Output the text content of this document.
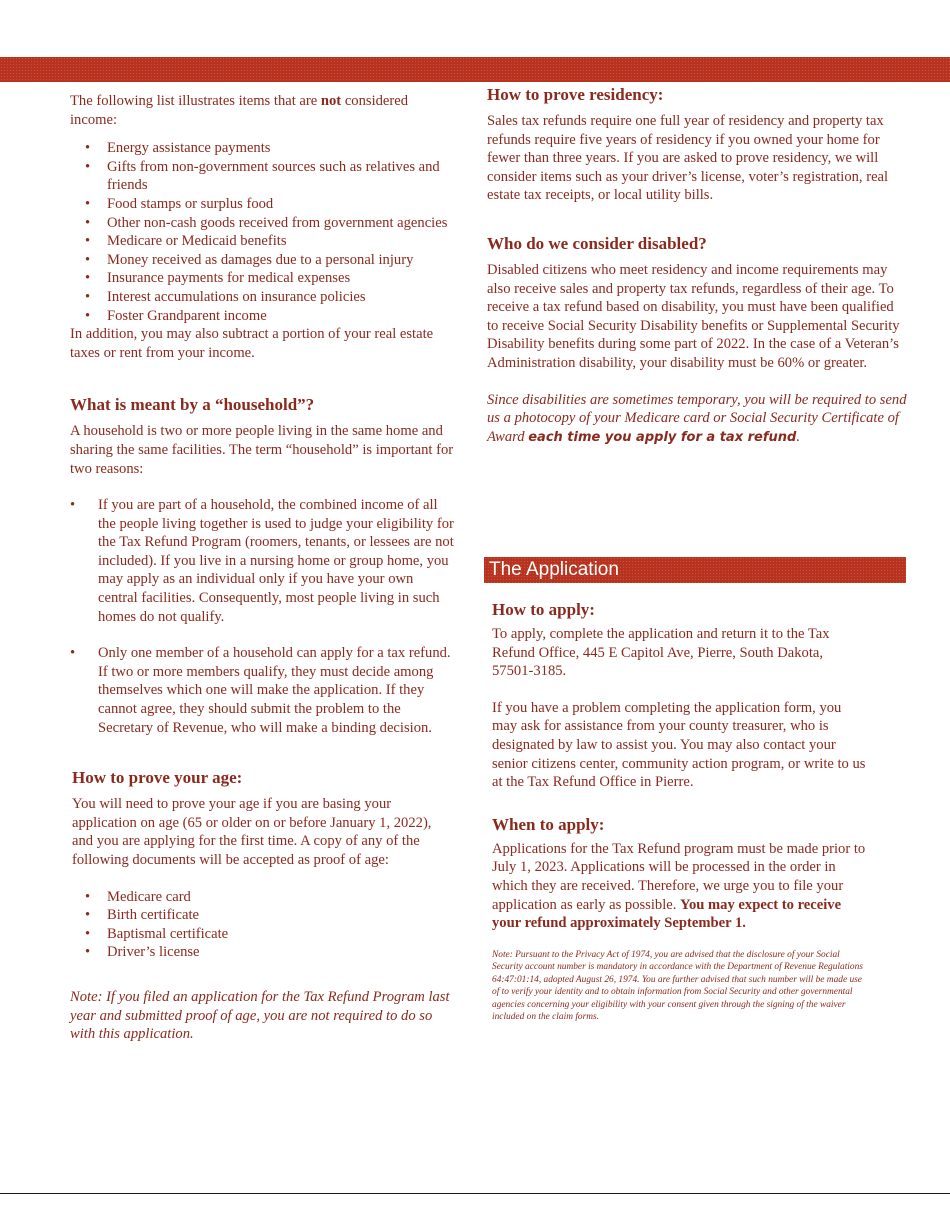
The following list illustrates items that are not considered income:

• Energy assistance payments
• Gifts from non-government sources such as relatives and friends
• Food stamps or surplus food
• Other non-cash goods received from government agencies
• Medicare or Medicaid benefits
• Money received as damages due to a personal injury
• Insurance payments for medical expenses
• Interest accumulations on insurance policies
• Foster Grandparent income

In addition, you may also subtract a portion of your real estate taxes or rent from your income.

What is meant by a “household”?

A household is two or more people living in the same home and sharing the same facilities. The term “household” is important for two reasons:

• If you are part of a household, the combined income of all the people living together is used to judge your eligibility for the Tax Refund Program (roomers, tenants, or lessees are not included). If you live in a nursing home or group home, you may apply as an individual only if you have your own central facilities. Consequently, most people living in such homes do not qualify.
• Only one member of a household can apply for a tax refund. If two or more members qualify, they must decide among themselves which one will make the application. If they cannot agree, they should submit the problem to the Secretary of Revenue, who will make a binding decision.
How to prove your age:

You will need to prove your age if you are basing your application on age (65 or older on or before January 1, 2022), and you are applying for the first time. A copy of any of the following documents will be accepted as proof of age:

• Medicare card
• Birth certificate
• Baptismal certificate
• Driver’s license

Note: If you filed an application for the Tax Refund Program last year and submitted proof of age, you are not required to do so with this application.

How to prove residency:

Sales tax refunds require one full year of residency and property tax refunds require five years of residency if you owned your home for fewer than three years. If you are asked to prove residency, we will consider items such as your driver’s license, voter’s registration, real estate tax receipts, or local utility bills.

Who do we consider disabled?

Disabled citizens who meet residency and income requirements may also receive sales and property tax refunds, regardless of their age. To receive a tax refund based on disability, you must have been qualified to receive Social Security Disability benefits or Supplemental Security Disability benefits during some part of 2022. In the case of a Veteran’s Administration disability, your disability must be 60% or greater.

Since disabilities are sometimes temporary, you will be required to send us a photocopy of your Medicare card or Social Security Certificate of Award each time you apply for a tax refund.

The Application
How to apply:

To apply, complete the application and return it to the Tax Refund Office, 445 E Capitol Ave, Pierre, South Dakota, 57501-3185.

If you have a problem completing the application form, you may ask for assistance from your county treasurer, who is designated by law to assist you. You may also contact your senior citizens center, community action program, or write to us at the Tax Refund Office in Pierre.

When to apply:

Applications for the Tax Refund program must be made prior to July 1, 2023. Applications will be processed in the order in which they are received. Therefore, we urge you to file your application as early as possible. You may expect to receive your refund approximately September 1.

Note: Pursuant to the Privacy Act of 1974, you are advised that the disclosure of your Social Security account number is mandatory in accordance with the Department of Revenue Regulations 64:47:01:14, adopted August 26, 1974. You are further advised that such number will be made use of to verify your identity and to obtain information from Social Security and other governmental agencies concerning your eligibility with your consent given through the signing of the waiver included on the claim forms.
